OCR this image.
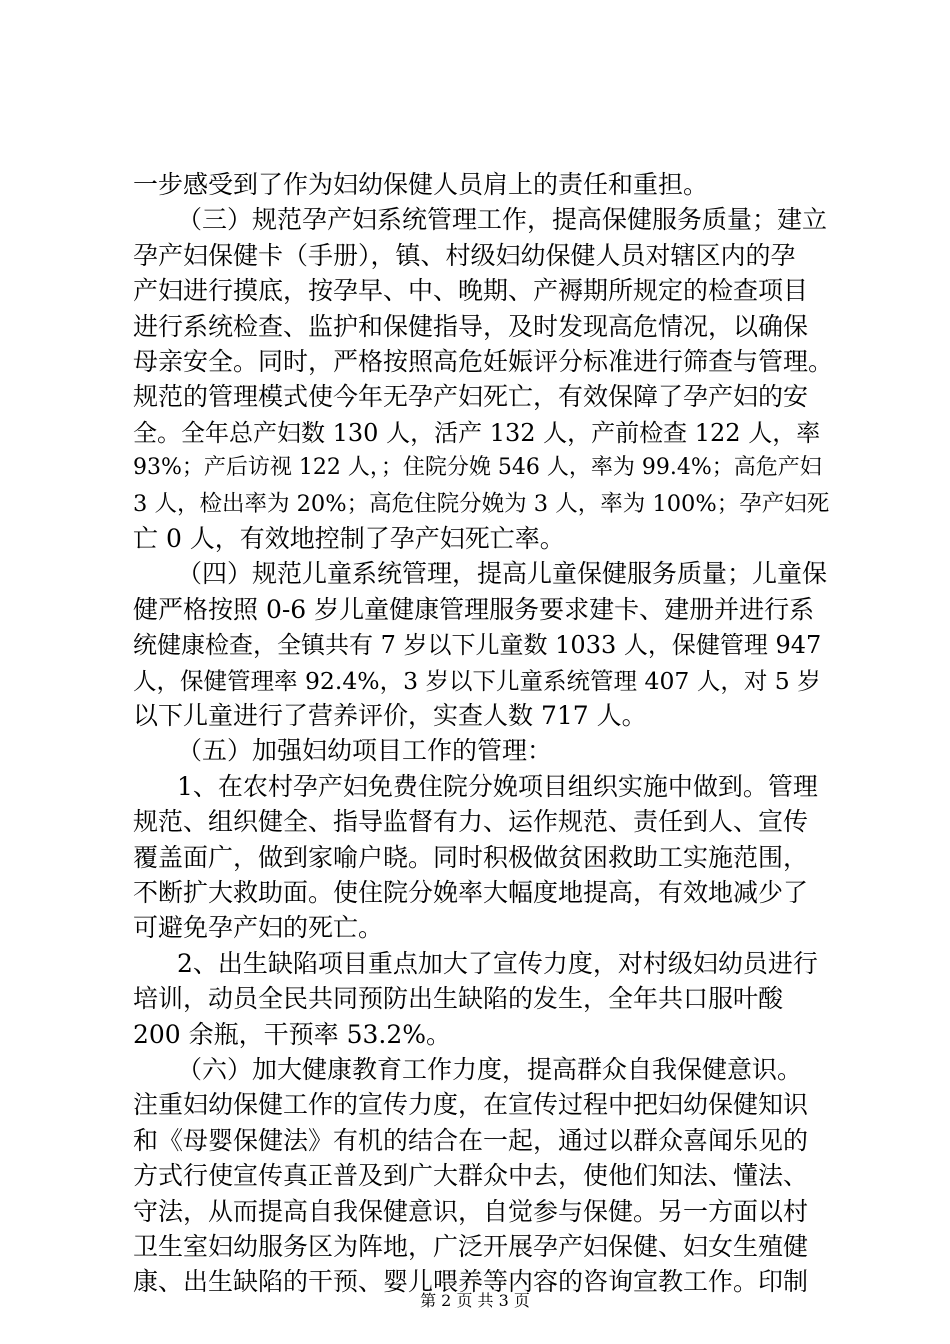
一步感受到了作为妇幼保健人员肩上的责任和重担。
（三）规范孕产妇系统管理工作，提高保健服务质量；建立
孕产妇保健卡（手册），镇、村级妇幼保健人员对辖区内的孕
产妇进行摸底，按孕早、中、晚期、产褥期所规定的检查项目
进行系统检查、监护和保健指导，及时发现高危情况，以确保
母亲安全。同时，严格按照高危妊娠评分标准进行筛查与管理。
规范的管理模式使今年无孕产妇死亡，有效保障了孕产妇的安
全。全年总产妇数 130 人，活产 132 人，产前检查 122 人，率
93%；产后访视 122 人，；住院分娩 546 人，率为 99.4%；高危产妇
3 人，检出率为 20%；高危住院分娩为 3 人，率为 100%；孕产妇死
亡 0 人，有效地控制了孕产妇死亡率。
（四）规范儿童系统管理，提高儿童保健服务质量；儿童保
健严格按照 0-6 岁儿童健康管理服务要求建卡、建册并进行系
统健康检查，全镇共有 7 岁以下儿童数 1033 人，保健管理 947
人，保健管理率 92.4%，3 岁以下儿童系统管理 407 人，对 5 岁
以下儿童进行了营养评价，实查人数 717 人。
（五）加强妇幼项目工作的管理：
1、在农村孕产妇免费住院分娩项目组织实施中做到。管理
规范、组织健全、指导监督有力、运作规范、责任到人、宣传
覆盖面广，做到家喻户晓。同时积极做贫困救助工实施范围，
不断扩大救助面。使住院分娩率大幅度地提高，有效地减少了
可避免孕产妇的死亡。
2、出生缺陷项目重点加大了宣传力度，对村级妇幼员进行
培训，动员全民共同预防出生缺陷的发生，全年共口服叶酸
200 余瓶，干预率 53.2%。
（六）加大健康教育工作力度，提高群众自我保健意识。
注重妇幼保健工作的宣传力度，在宣传过程中把妇幼保健知识
和《母婴保健法》有机的结合在一起，通过以群众喜闻乐见的
方式行使宣传真正普及到广大群众中去，使他们知法、懂法、
守法，从而提高自我保健意识，自觉参与保健。另一方面以村
卫生室妇幼服务区为阵地，广泛开展孕产妇保健、妇女生殖健
康、出生缺陷的干预、婴儿喂养等内容的咨询宣教工作。印制
第 2 页 共 3 页
